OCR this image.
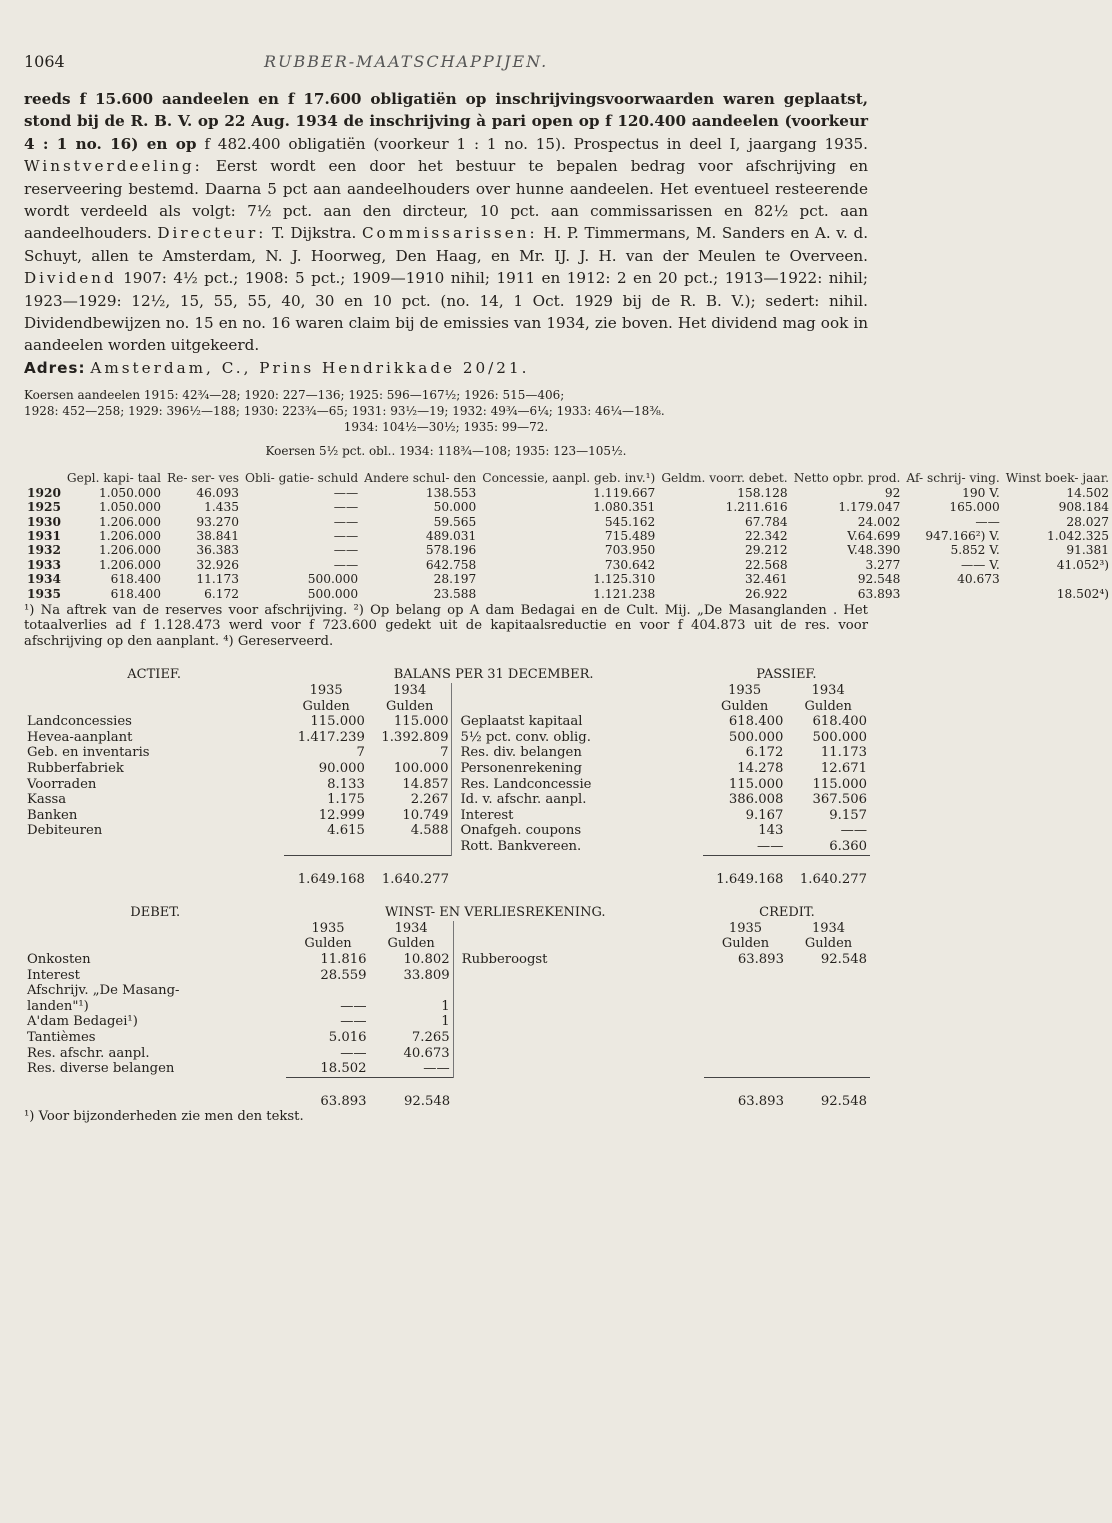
1064	RUBBER-MAATSCHAPPIJEN.

reeds f 15.600 aandeelen en f 17.600 obligatiën op inschrijvingsvoorwaarden waren geplaatst, stond bij de R. B. V. op 22 Aug. 1934 de inschrijving à pari open op f 120.400 aandeelen (voorkeur 4 : 1 no. 16) en op f 482.400 obligatiën (voorkeur 1 : 1 no. 15). Prospectus in deel I, jaargang 1935. Winstverdeeling: Eerst wordt een door het bestuur te bepalen bedrag voor afschrijving en reserveering bestemd. Daarna 5 pct aan aandeelhouders over hunne aandeelen. Het eventueel resteerende wordt verdeeld als volgt: 7½ pct. aan den dircteur, 10 pct. aan commissarissen en 82½ pct. aan aandeelhouders. Directeur: T. Dijkstra. Commissarissen: H. P. Timmermans, M. Sanders en A. v. d. Schuyt, allen te Amsterdam, N. J. Hoorweg, Den Haag, en Mr. IJ. J. H. van der Meulen te Overveen. Dividend 1907: 4½ pct.; 1908: 5 pct.; 1909—1910 nihil; 1911 en 1912: 2 en 20 pct.; 1913—1922: nihil; 1923—1929: 12½, 15, 55, 55, 40, 30 en 10 pct. (no. 14, 1 Oct. 1929 bij de R. B. V.); sedert: nihil. Dividendbewijzen no. 15 en no. 16 waren claim bij de emissies van 1934, zie boven. Het dividend mag ook in aandeelen worden uitgekeerd.
Adres: Amsterdam, C., Prins Hendrikkade 20/21.

Koersen aandeelen 1915: 42¾—28; 1920: 227—136; 1925: 596—167½; 1926: 515—406;

1928: 452—258; 1929: 396½—188; 1930: 223¾—65; 1931: 93½—19; 1932: 49¾—6¼; 1933: 46¼—18⅜.

1934: 104½—30½; 1935: 99—72.

Koersen 5½ pct. obl.. 1934: 118¾—108; 1935: 123—105½.

	Gepl. kapi- taal	Re- ser- ves	Obli- gatie- schuld	Andere schul- den	Concessie, aanpl. geb. inv.¹)	Geldm. voorr. debet.	Netto opbr. prod.	Af- schrij- ving.	Winst boek- jaar.
1920	1.050.000	46.093	——	138.553	1.119.667	158.128	92	190 V.	14.502
1925	1.050.000	1.435	——	50.000	1.080.351	1.211.616	1.179.047	165.000	908.184
1930	1.206.000	93.270	——	59.565	545.162	67.784	24.002	——	28.027
1931	1.206.000	38.841	——	489.031	715.489	22.342	V.64.699	947.166²) V.	1.042.325
1932	1.206.000	36.383	——	578.196	703.950	29.212	V.48.390	5.852 V.	91.381
1933	1.206.000	32.926	——	642.758	730.642	22.568	3.277	—— V.	41.052³)
1934	618.400	11.173	500.000	28.197	1.125.310	32.461	92.548	40.673	
1935	618.400	6.172	500.000	23.588	1.121.238	26.922	63.893		18.502⁴)

¹) Na aftrek van de reserves voor afschrijving. ²) Op belang op A dam Bedagai en de Cult. Mij. „De Masanglanden . Het totaalverlies ad f 1.128.473 werd voor f 723.600 gedekt uit de kapitaalsreductie en voor f 404.873 uit de res. voor afschrijving op den aanplant. ⁴) Gereserveerd.

ACTIEF.	BALANS PER 31 DECEMBER.			PASSIEF.	
	1935	1934		1935	1934
	Gulden	Gulden		Gulden	Gulden
Landconcessies	115.000	115.000	Geplaatst kapitaal	618.400	618.400
Hevea-aanplant	1.417.239	1.392.809	5½ pct. conv. oblig.	500.000	500.000
Geb. en inventaris	7	7	Res. div. belangen	6.172	11.173
Rubberfabriek	90.000	100.000	Personenrekening	14.278	12.671
Voorraden	8.133	14.857	Res. Landconcessie	115.000	115.000
Kassa	1.175	2.267	Id. v. afschr. aanpl.	386.008	367.506
Banken	12.999	10.749	Interest	9.167	9.157
Debiteuren	4.615	4.588	Onafgeh. coupons	143	——
			Rott. Bankvereen.	——	6.360
	1.649.168	1.640.277		1.649.168	1.640.277
DEBET.	WINST- EN VERLIESREKENING.			CREDIT.	
	1935	1934		1935	1934
	Gulden	Gulden		Gulden	Gulden
Onkosten	11.816	10.802	Rubberoogst	63.893	92.548
Interest	28.559	33.809			
Afschrijv. „De Masang-					
landen"¹)	——	1			
A'dam Bedagei¹)	——	1			
Tantièmes	5.016	7.265			
Res. afschr. aanpl.	——	40.673			
Res. diverse belangen	18.502	——			
	63.893	92.548		63.893	92.548

¹) Voor bijzonderheden zie men den tekst.
